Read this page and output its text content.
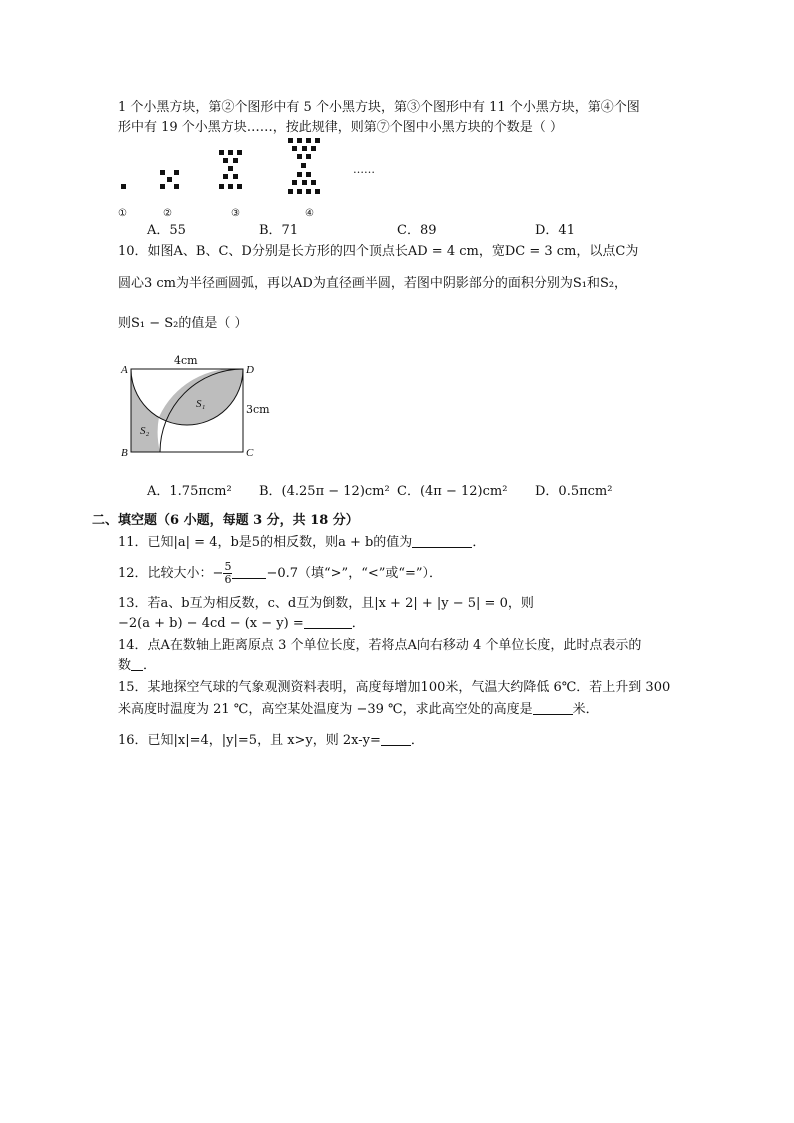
1 个小黑方块，第②个图形中有 5 个小黑方块，第③个图形中有 11 个小黑方块，第④个图
形中有 19 个小黑方块……，按此规律，则第⑦个图中小黑方块的个数是（ ）
……
①	②	③	④
A．55	B．71	C．89	D．41
10．如图A、B、C、D分别是长方形的四个顶点长AD = 4 cm，宽DC = 3 cm，以点C为
圆心3 cm为半径画圆弧，再以AD为直径画半圆，若图中阴影部分的面积分别为S₁和S₂，
则S₁ − S₂的值是（ ）
A	D
B	C
4cm
3cm
S₁
S₂
A．1.75πcm² B．(4.25π − 12)cm² C．(4π − 12)cm² D．0.5πcm²
二、填空题（6 小题，每题 3 分，共 18 分）
11．已知|a| = 4，b是5的相反数，则a + b的值为	．
12．比较大小：− $\frac{5}{6}$	−0.7（填“>”，“<”或“=”）．
13．若a、b互为相反数，c、d互为倒数，且|x + 2| + |y − 5| = 0，则
−2(a + b) − 4cd − (x − y) =	．
14．点A在数轴上距离原点 3 个单位长度，若将点A向右移动 4 个单位长度，此时点表示的
数 ．
15．某地探空气球的气象观测资料表明，高度每增加100米，气温大约降低 6℃．若上升到 300
米高度时温度为 21 ℃，高空某处温度为 −39 ℃，求此高空处的高度是	米．
16．已知|x|=4，|y|=5，且 x>y，则 2x-y= ．
